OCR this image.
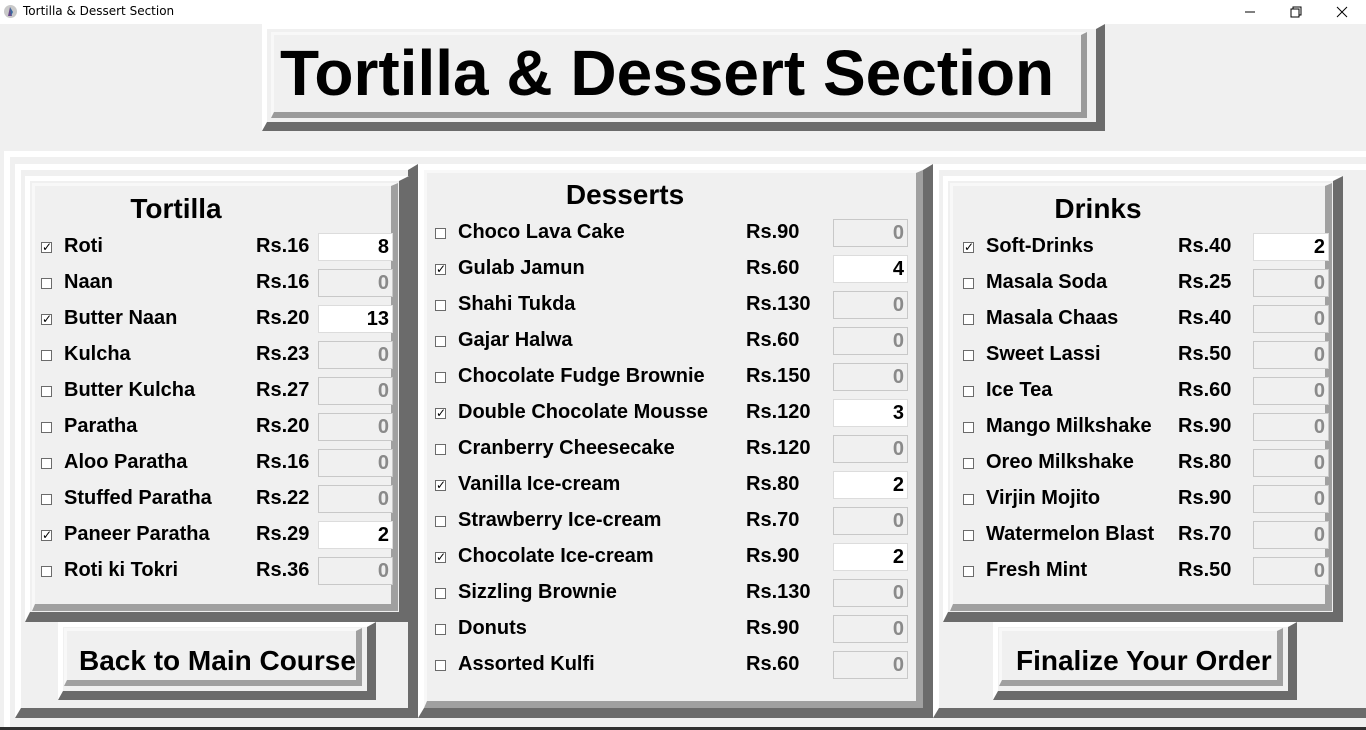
Tortilla & Dessert Section
Tortilla & Dessert Section
Tortilla
✓ Roti	Rs.16	8
Naan	Rs.16	0
✓ Butter Naan	Rs.20	13
Kulcha	Rs.23	0
Butter Kulcha	Rs.27	0
Paratha	Rs.20	0
Aloo Paratha	Rs.16	0
Stuffed Paratha Rs.22	0
✓ Paneer Paratha Rs.29	2
Roti ki Tokri	Rs.36	0
Back to Main Course
Desserts
Choco Lava Cake	Rs.90	0
✓ Gulab Jamun	Rs.60	4
Shahi Tukda	Rs.130	0
Gajar Halwa	Rs.60	0
Chocolate Fudge Brownie Rs.150	0
✓ Double Chocolate Mousse Rs.120	3
Cranberry Cheesecake	Rs.120	0
✓ Vanilla Ice-cream	Rs.80	2
Strawberry Ice-cream	Rs.70	0
✓ Chocolate Ice-cream	Rs.90	2
Sizzling Brownie	Rs.130	0
Donuts	Rs.90	0
Assorted Kulfi	Rs.60	0
Drinks
✓ Soft-Drinks	Rs.40	2
Masala Soda	Rs.25	0
Masala Chaas	Rs.40	0
Sweet Lassi	Rs.50	0
Ice Tea	Rs.60	0
Mango Milkshake Rs.90	0
Oreo Milkshake Rs.80	0
Virjin Mojito	Rs.90	0
Watermelon Blast Rs.70	0
Fresh Mint	Rs.50	0
Finalize Your Order
